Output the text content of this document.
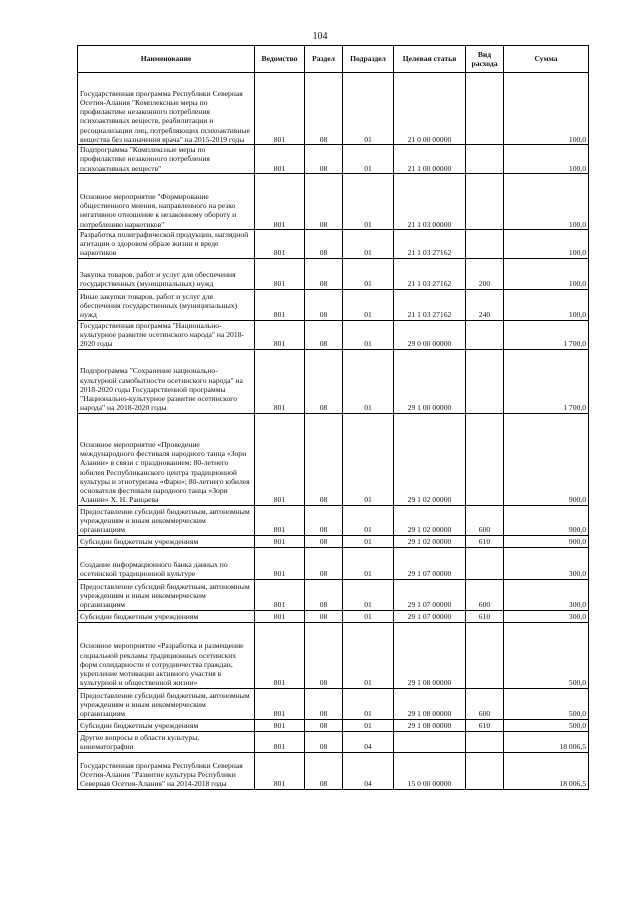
104
Наименование	Ведомство	Раздел	Подраздел	Целевая статья	Вид расхода	Сумма
Государственная программа Республики Северная Осетия-Алания "Комплексные меры по профилактике незаконного потребления психоактивных веществ, реабилитации и ресоциализации лиц, потребляющих психоактивные вещества без назначения врача" на 2015-2019 годы	801	08	01	21 0 00 00000		100,0
Подпрограмма "Комплексные меры по профилактике незаконного потребления психоактивных веществ"	801	08	01	21 1 00 00000		100,0
Основное мероприятие "Формирование общественного мнения, направленного на резко негативное отношение к незаконному обороту и потреблению наркотиков"	801	08	01	21 1 03 00000		100,0
Разработка полиграфической продукции, наглядной агитации о здоровом образе жизни и вреде наркотиков	801	08	01	21 1 03 27162		100,0
Закупка товаров, работ и услуг для обеспечения государственных (муниципальных) нужд	801	08	01	21 1 03 27162	200	100,0
Иные закупки товаров, работ и услуг для обеспечения государственных (муниципальных) нужд	801	08	01	21 1 03 27162	240	100,0
Государственная программа "Национально-культурное развитие осетинского народа" на 2018-2020 годы	801	08	01	29 0 00 00000		1 700,0
Подпрограмма "Сохранение национально-культурной самобытности осетинского народа" на 2018-2020 годы Государственной программы "Национально-культурное развитие осетинского народа" на 2018-2020 годы	801	08	01	29 1 00 00000		1 700,0
Основное мероприятие «Проведение международного фестиваля народного танца «Зори Алании» в связи с празднованием: 80-летнего юбилея Республиканского центра традиционной культуры и этнотуризма «Фарн»; 80-летнего юбилея основателя фестиваля народного танца «Зори Алании» Х. Н. Ранцаева	801	08	01	29 1 02 00000		900,0
Предоставление субсидий бюджетным, автономным учреждениям и иным некоммерческим организациям	801	08	01	29 1 02 00000	600	900,0
Субсидии бюджетным учреждениям	801	08	01	29 1 02 00000	610	900,0
Создание информационного банка данных по осетинской традиционной культуре	801	08	01	29 1 07 00000		300,0
Предоставление субсидий бюджетным, автономным учреждениям и иным некоммерческим организациям	801	08	01	29 1 07 00000	600	300,0
Субсидии бюджетным учреждениям	801	08	01	29 1 07 00000	610	300,0
Основное мероприятие «Разработка и размещение социальной рекламы традиционных осетинских форм солидарности и сотрудничества граждан, укрепление мотивации активного участия в культурной и общественной жизни»	801	08	01	29 1 08 00000		500,0
Предоставление субсидий бюджетным, автономным учреждениям и иным некоммерческим организациям	801	08	01	29 1 08 00000	600	500,0
Субсидии бюджетным учреждениям	801	08	01	29 1 08 00000	610	500,0
Другие вопросы в области культуры, кинематографии	801	08	04			18 006,5
Государственная программа Республики Северная Осетия-Алания "Развитие культуры Республики Северная Осетия-Алания" на 2014-2018 годы	801	08	04	15 0 00 00000		18 006,5
